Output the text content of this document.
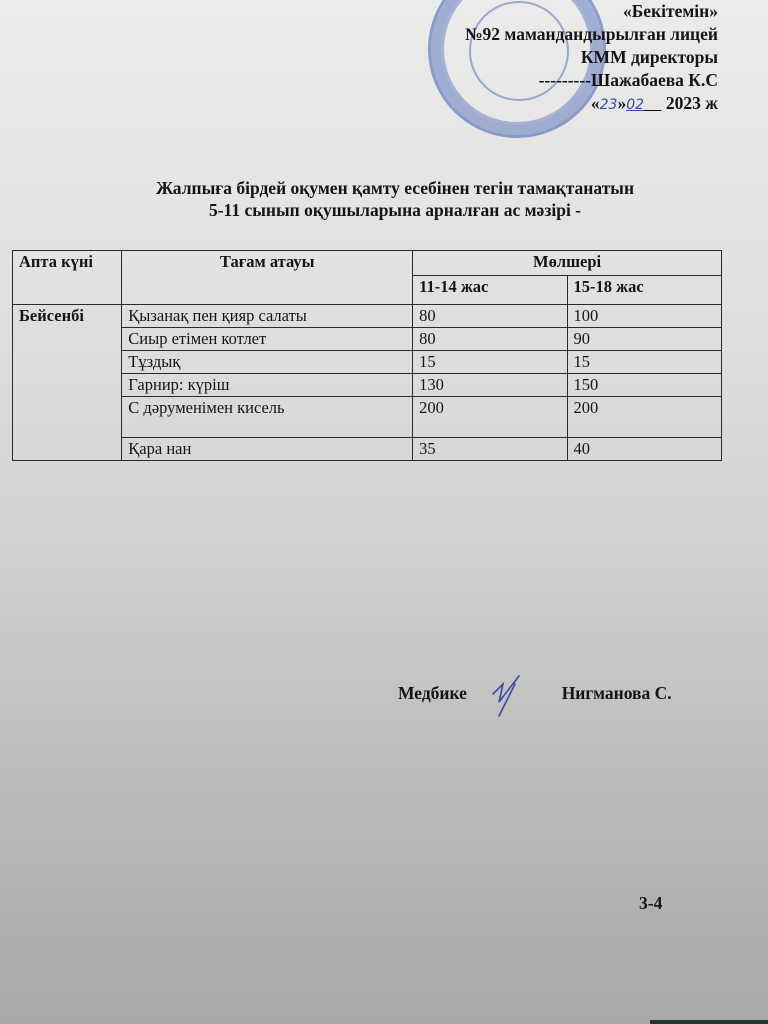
«Бекітемін»
№92 мамандандырылған лицей
КММ директоры
---------Шажабаева К.С
«23»02 2023 ж
Жалпыға бірдей оқумен қамту есебінен тегін тамақтанатын
5-11 сынып оқушыларына арналған ас мәзірі -
Апта күні	Тағам атауы	Мөлшері	
		11-14 жас	15-18 жас
Бейсенбі	Қызанақ пен қияр салаты	80	100
	Сиыр етімен котлет	80	90
	Тұздық	15	15
	Гарнир: күріш	130	150
	С дәруменімен кисель	200	200
	Қара нан	35	40
Медбике	Нигманова С.
3-4
